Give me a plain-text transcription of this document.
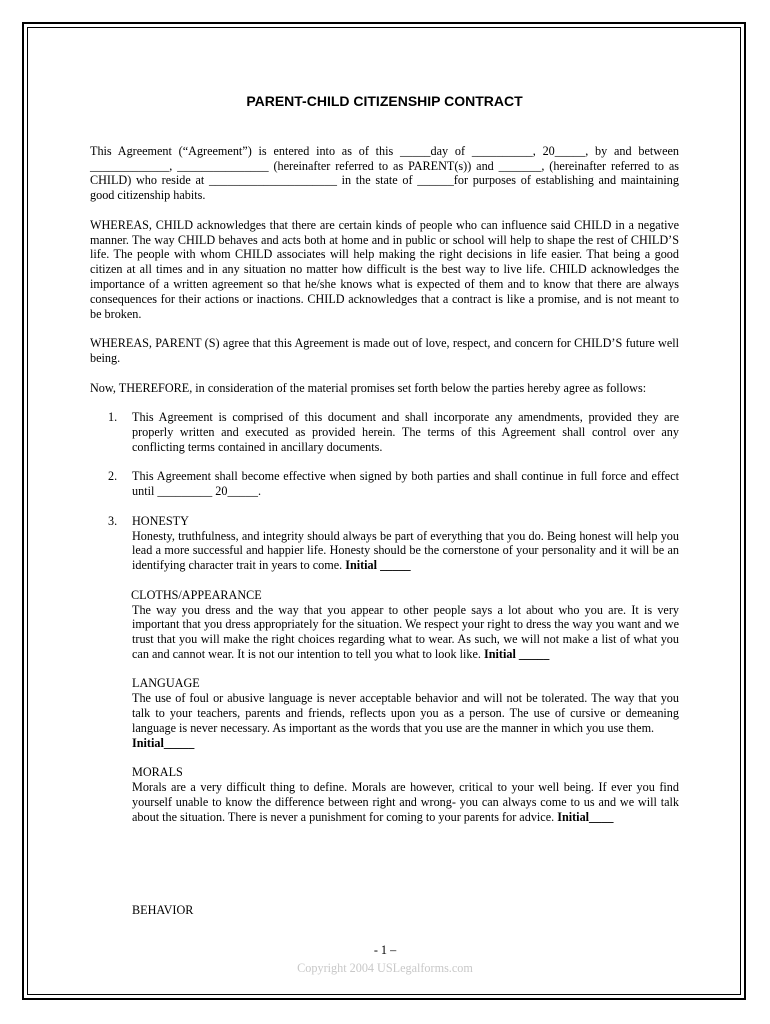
PARENT-CHILD CITIZENSHIP CONTRACT

This Agreement (“Agreement”) is entered into as of this _____day of __________, 20_____, by and between _____________, _______________ (hereinafter referred to as PARENT(s)) and _______, (hereinafter referred to as CHILD) who reside at _____________________ in the state of ______for purposes of establishing and maintaining good citizenship habits.

WHEREAS, CHILD acknowledges that there are certain kinds of people who can influence said CHILD in a negative manner. The way CHILD behaves and acts both at home and in public or school will help to shape the rest of CHILD’S life. The people with whom CHILD associates will help making the right decisions in life easier. That being a good citizen at all times and in any situation no matter how difficult is the best way to live life. CHILD acknowledges the importance of a written agreement so that he/she knows what is expected of them and to know that there are always consequences for their actions or inactions. CHILD acknowledges that a contract is like a promise, and is not meant to be broken.

WHEREAS, PARENT (S) agree that this Agreement is made out of love, respect, and concern for CHILD’S future well being.

Now, THEREFORE, in consideration of the material promises set forth below the parties hereby agree as follows:

1. This Agreement is comprised of this document and shall incorporate any amendments, provided they are properly written and executed as provided herein. The terms of this Agreement shall control over any conflicting terms contained in ancillary documents.
2. This Agreement shall become effective when signed by both parties and shall continue in full force and effect until _________ 20_____.
3. HONESTY
Honesty, truthfulness, and integrity should always be part of everything that you do. Being honest will help you lead a more successful and happier life. Honesty should be the cornerstone of your personality and it will be an identifying character trait in years to come. Initial _____
CLOTHS/APPEARANCE
The way you dress and the way that you appear to other people says a lot about who you are. It is very important that you dress appropriately for the situation. We respect your right to dress the way you want and we trust that you will make the right choices regarding what to wear. As such, we will not make a list of what you can and cannot wear. It is not our intention to tell you what to look like. Initial _____
LANGUAGE
The use of foul or abusive language is never acceptable behavior and will not be tolerated. The way that you talk to your teachers, parents and friends, reflects upon you as a person. The use of cursive or demeaning language is never necessary. As important as the words that you use are the manner in which you use them.
Initial_____
MORALS
Morals are a very difficult thing to define. Morals are however, critical to your well being. If ever you find yourself unable to know the difference between right and wrong- you can always come to us and we will talk about the situation. There is never a punishment for coming to your parents for advice. Initial____
BEHAVIOR
- 1 –
Copyright 2004 USLegalforms.com
